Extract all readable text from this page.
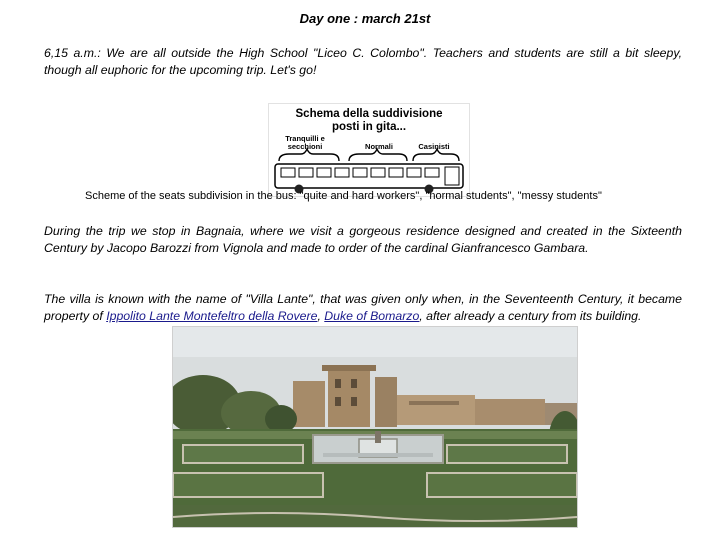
Day one : march 21st
6,15 a.m.: We are all outside the High School "Liceo C. Colombo". Teachers and students are still a bit sleepy, though all euphoric for the upcoming trip. Let's go!
Schema della suddivisione
posti in gita...
Tranquilli e
secchioni	Normali	Casinisti
Scheme of the seats subdivision in the bus: "quite and hard workers", "normal students", "messy students"
During the trip we stop in Bagnaia, where we visit a gorgeous residence designed and created in the Sixteenth Century by Jacopo Barozzi from Vignola and made to order of the cardinal Gianfrancesco Gambara.
The villa is known with the name of "Villa Lante", that was given only when, in the Seventeenth Century, it became property of Ippolito Lante Montefeltro della Rovere, Duke of Bomarzo, after already a century from its building.
